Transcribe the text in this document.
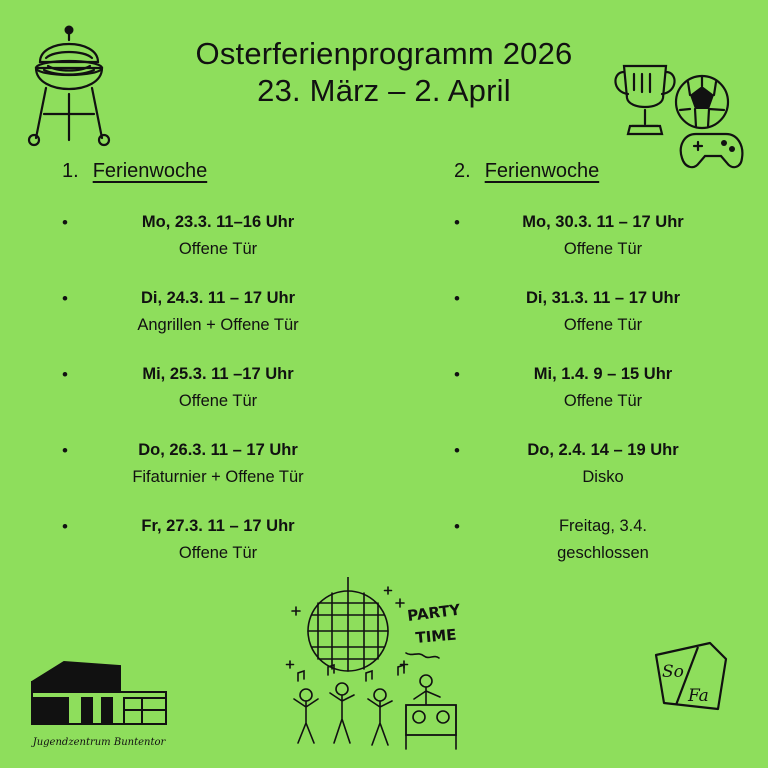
Osterferienprogramm 2026
23. März – 2. April
1. Ferienwoche
•	Mo, 23.3. 11–16 Uhr
Offene Tür
•	Di, 24.3. 11 – 17 Uhr
Angrillen + Offene Tür
•	Mi, 25.3. 11 –17 Uhr
Offene Tür
•	Do, 26.3. 11 – 17 Uhr
Fifaturnier + Offene Tür
•	Fr, 27.3. 11 – 17 Uhr
Offene Tür
2. Ferienwoche
•	Mo, 30.3. 11 – 17 Uhr
Offene Tür
•	Di, 31.3. 11 – 17 Uhr
Offene Tür
•	Mi, 1.4. 9 – 15 Uhr
Offene Tür
•	Do, 2.4. 14 – 19 Uhr
Disko
•	Freitag, 3.4.
geschlossen
Jugendzentrum Buntentor
PARTY
TIME
So
Fa
